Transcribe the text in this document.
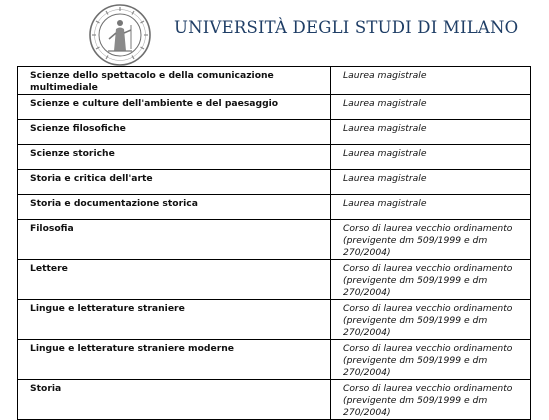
UNIVERSITÀ DEGLI STUDI DI MILANO
Scienze dello spettacolo e della comunicazione multimediale	Laurea magistrale
Scienze e culture dell'ambiente e del paesaggio	Laurea magistrale
Scienze filosofiche	Laurea magistrale
Scienze storiche	Laurea magistrale
Storia e critica dell'arte	Laurea magistrale
Storia e documentazione storica	Laurea magistrale
Filosofia	Corso di laurea vecchio ordinamento (previgente dm 509/1999 e dm 270/2004)
Lettere	Corso di laurea vecchio ordinamento (previgente dm 509/1999 e dm 270/2004)
Lingue e letterature straniere	Corso di laurea vecchio ordinamento (previgente dm 509/1999 e dm 270/2004)
Lingue e letterature straniere moderne	Corso di laurea vecchio ordinamento (previgente dm 509/1999 e dm 270/2004)
Storia	Corso di laurea vecchio ordinamento (previgente dm 509/1999 e dm 270/2004)
